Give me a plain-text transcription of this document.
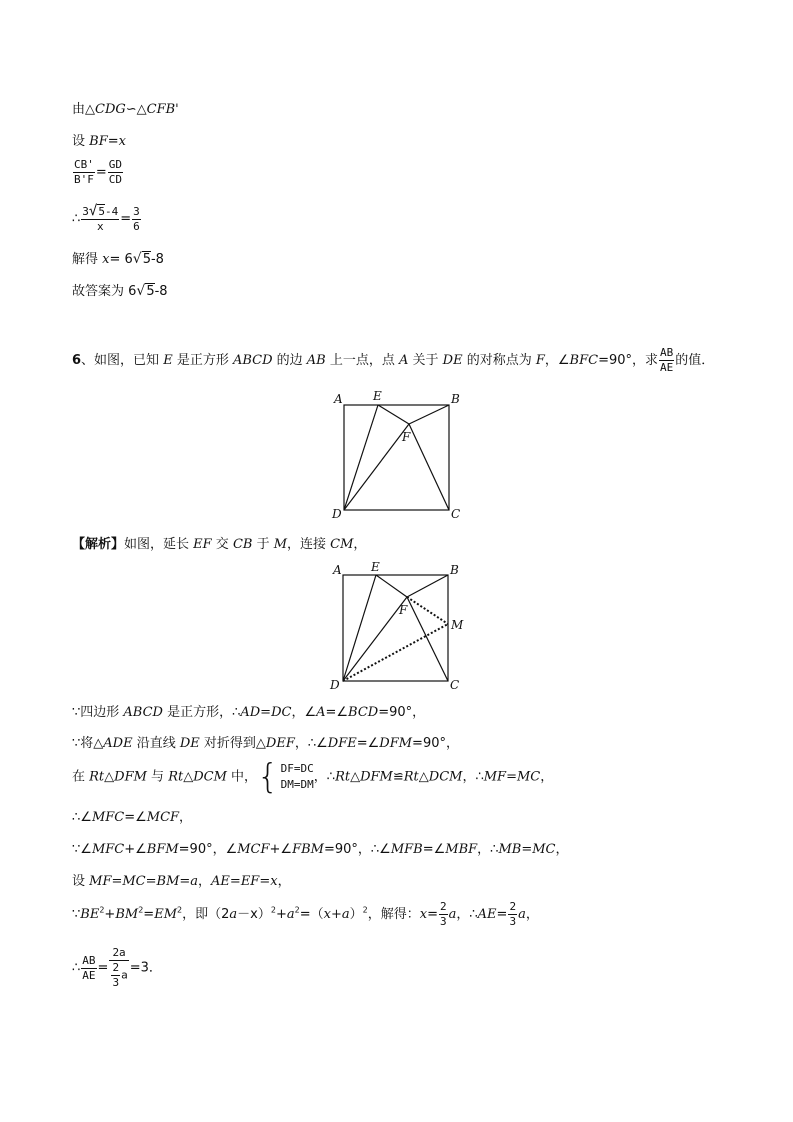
由△CDG∽△CFB'
设 BF=x
$\frac{CB'}{B'F} = \frac{GD}{CD}$
∴ $\frac{3√5-4}{x} = \frac{3}{6}$
解得 x= 6√5-8
故答案为 6√5-8
6、如图，已知 E 是正方形 ABCD 的边 AB 上一点，点 A 关于 DE 的对称点为 F，∠BFC=90°，求 $\frac{AB}{AE}$ 的值．
A	E	B
F
D	C
【解析】如图，延长 EF 交 CB 于 M，连接 CM，
A E	B
F
M
D	C
∵四边形 ABCD 是正方形，∴AD=DC，∠A=∠BCD=90°，
∵将△ADE 沿直线 DE 对折得到△DEF，∴∠DFE=∠DFM=90°，
在 Rt△DFM 与 Rt△DCM 中，{ DF=DC
DM=DM ，∴Rt△DFM≌Rt△DCM，∴MF=MC，
∴∠MFC=∠MCF，
∵∠MFC+∠BFM=90°，∠MCF+∠FBM=90°，∴∠MFB=∠MBF，∴MB=MC，
设 MF=MC=BM=a，AE=EF=x，
$\because BE^2+BM^2=EM^2$，即$(2a-x)^2+a^2=(x+a)^2$，解得：$x= \frac{2}{3}$ a，∴AE= $\frac{2}{3}$ a，
∴ $\frac{AB}{AE} = \frac{2a}{\frac{2}{3} a} =3$．
